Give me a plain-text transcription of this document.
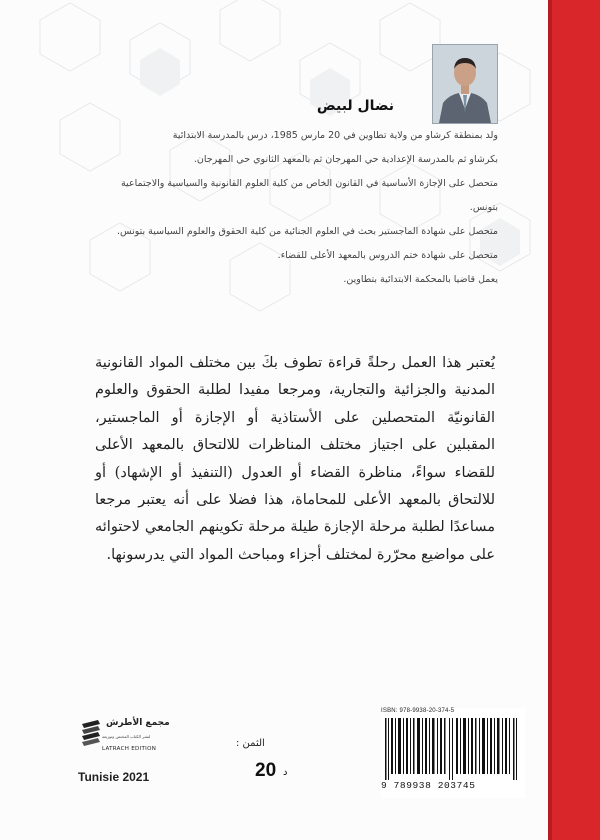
نضال لبيض
ولد بمنطقة كرشاو من ولاية تطاوين في 20 مارس 1985، درس بالمدرسة الابتدائية
بكرشاو ثم بالمدرسة الإعدادية حي المهرجان ثم بالمعهد الثانوي حي المهرجان.
متحصل على الإجازة الأساسية في القانون الخاص من كلية العلوم القانونية والسياسية والاجتماعية
بتونس.
متحصل على شهادة الماجستير بحث في العلوم الجنائية من كلية الحقوق والعلوم السياسية بتونس.
متحصل على شهادة ختم الدروس بالمعهد الأعلى للقضاء.
يعمل قاضيا بالمحكمة الابتدائية بتطاوين.
يُعتبر هذا العمل رحلةً قراءة تطوف بكَ بين مختلف المواد القانونية المدنية والجزائية والتجارية، ومرجعا مفيدا لطلبة الحقوق والعلوم القانونيّة المتحصلين على الأستاذية أو الإجازة أو الماجستير، المقبلين على اجتياز مختلف المناظرات للالتحاق بالمعهد الأعلى للقضاء سواءً، مناظرة القضاء أو العدول (التنفيذ أو الإشهاد) أو للالتحاق بالمعهد الأعلى للمحاماة، هذا فضلا على أنه يعتبر مرجعا مساعدًا لطلبة مرحلة الإجازة طيلة مرحلة تكوينهم الجامعي لاحتوائه على مواضيع محرّرة لمختلف أجزاء ومباحث المواد التي يدرسونها.
مجمع الأطرش
لنشر الكتاب المختص وتوزيعه
LATRACH EDITION
Tunisie 2021
الثمن :
20 د
ISBN: 978-9938-20-374-5
9 789938 203745
